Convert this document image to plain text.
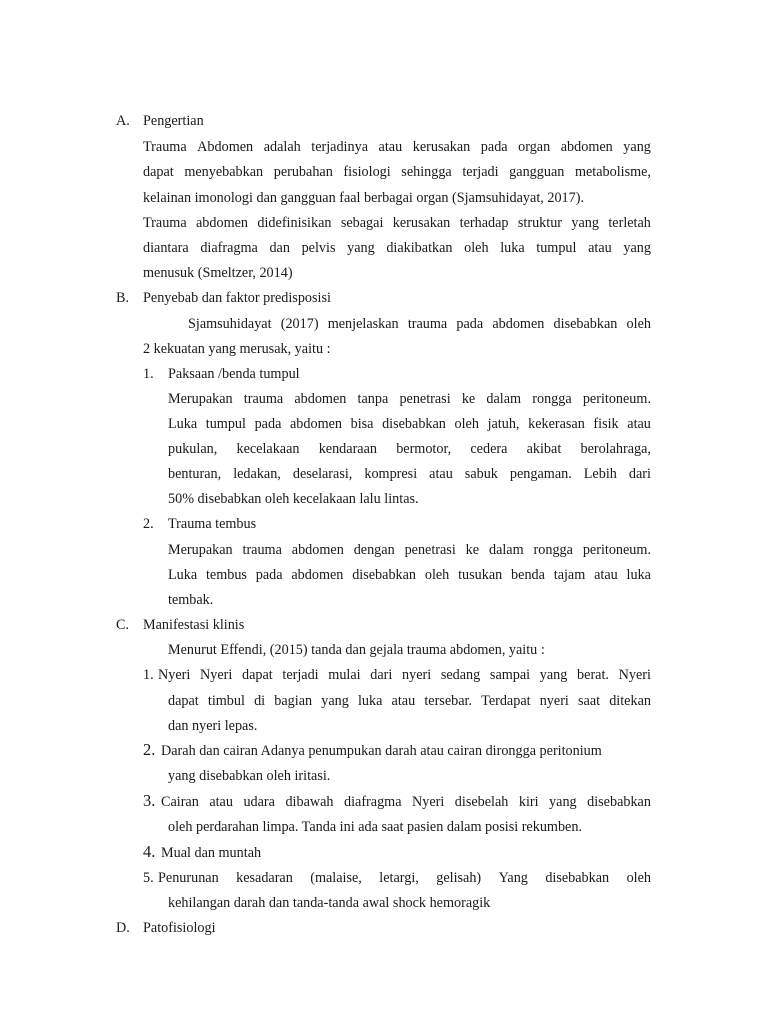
A. Pengertian
Trauma Abdomen adalah terjadinya atau kerusakan pada organ abdomen yang
dapat menyebabkan perubahan fisiologi sehingga terjadi gangguan metabolisme,
kelainan imonologi dan gangguan faal berbagai organ (Sjamsuhidayat, 2017).
Trauma abdomen didefinisikan sebagai kerusakan terhadap struktur yang terletah
diantara diafragma dan pelvis yang diakibatkan oleh luka tumpul atau yang
menusuk (Smeltzer, 2014)
B. Penyebab dan faktor predisposisi
Sjamsuhidayat (2017) menjelaskan trauma pada abdomen disebabkan oleh
2 kekuatan yang merusak, yaitu :
1. Paksaan /benda tumpul
Merupakan trauma abdomen tanpa penetrasi ke dalam rongga peritoneum.
Luka tumpul pada abdomen bisa disebabkan oleh jatuh, kekerasan fisik atau
pukulan, kecelakaan kendaraan bermotor, cedera akibat berolahraga,
benturan, ledakan, deselarasi, kompresi atau sabuk pengaman. Lebih dari
50% disebabkan oleh kecelakaan lalu lintas.
2. Trauma tembus
Merupakan trauma abdomen dengan penetrasi ke dalam rongga peritoneum.
Luka tembus pada abdomen disebabkan oleh tusukan benda tajam atau luka
tembak.
C. Manifestasi klinis
Menurut Effendi, (2015) tanda dan gejala trauma abdomen, yaitu :
1. Nyeri Nyeri dapat terjadi mulai dari nyeri sedang sampai yang berat. Nyeri
dapat timbul di bagian yang luka atau tersebar. Terdapat nyeri saat ditekan
dan nyeri lepas.
2. Darah dan cairan Adanya penumpukan darah atau cairan dirongga peritonium
yang disebabkan oleh iritasi.
3. Cairan atau udara dibawah diafragma Nyeri disebelah kiri yang disebabkan
oleh perdarahan limpa. Tanda ini ada saat pasien dalam posisi rekumben.
4. Mual dan muntah
5. Penurunan kesadaran (malaise, letargi, gelisah) Yang disebabkan oleh
kehilangan darah dan tanda-tanda awal shock hemoragik
D. Patofisiologi
